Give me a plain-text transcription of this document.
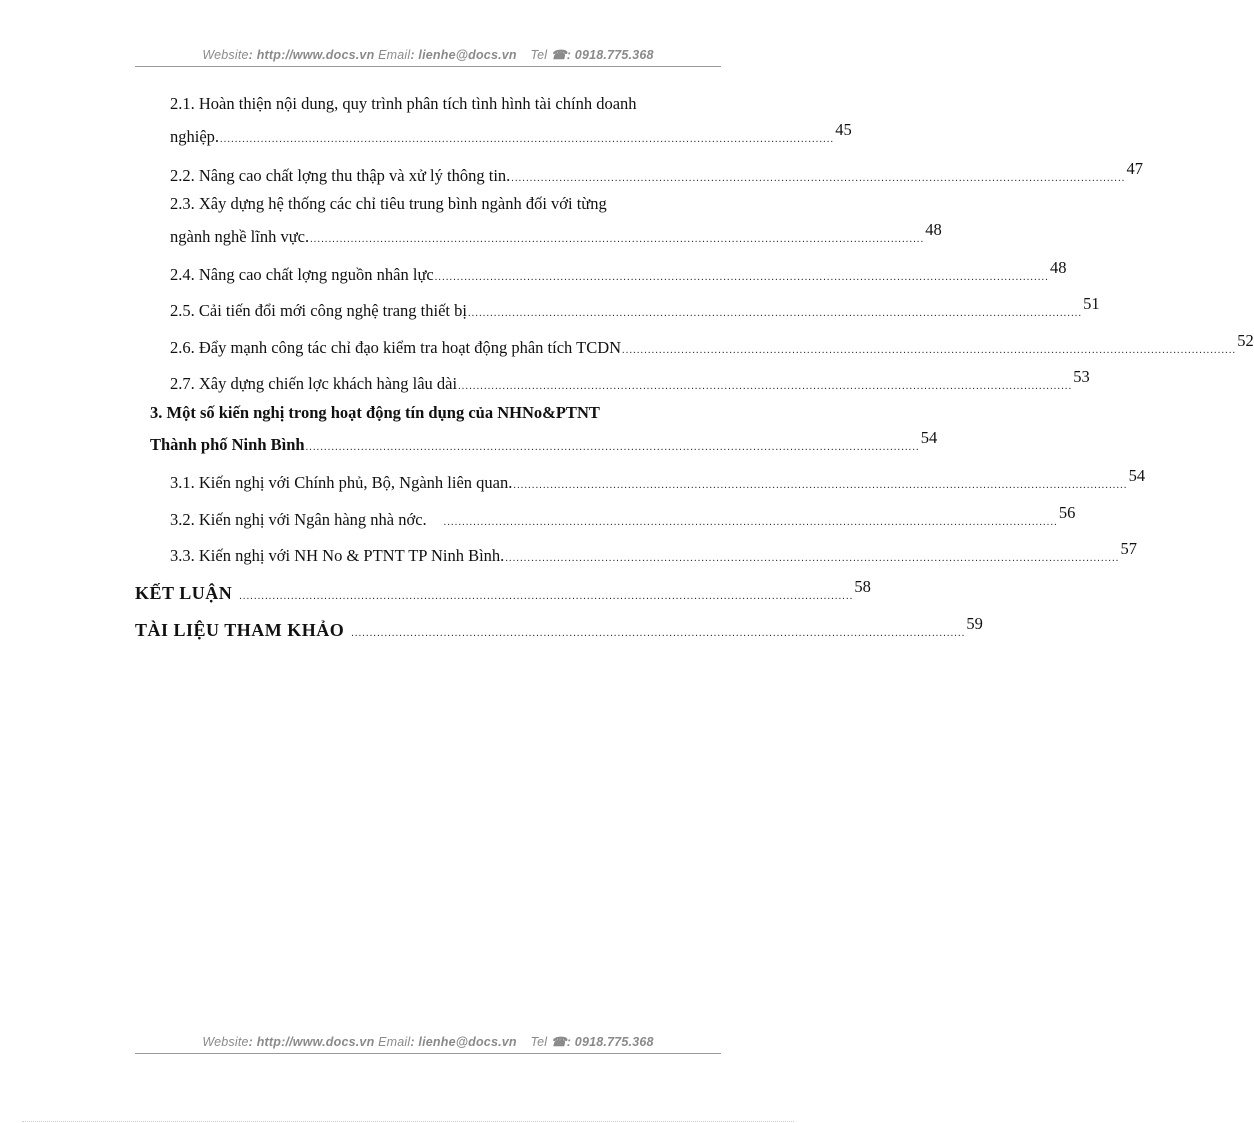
Website: http://www.docs.vn Email: lienhe@docs.vn Tel ☎: 0918.775.368
2.1. Hoàn thiện nội dung, quy trình phân tích tình hình tài chính doanh
nghiệp. ......................................................................................................................................................................
45
2.2. Nâng cao chất lợng thu thập và xử lý thông tin. ......................................................................................................................................................................
47
2.3. Xây dựng hệ thống các chỉ tiêu trung bình ngành đối với từng
ngành nghề lĩnh vực. ......................................................................................................................................................................
48
2.4. Nâng cao chất lợng nguồn nhân lực ......................................................................................................................................................................
48
2.5. Cải tiến đổi mới công nghệ trang thiết bị ......................................................................................................................................................................
51
2.6. Đẩy mạnh công tác chỉ đạo kiểm tra hoạt động phân tích TCDN ......................................................................................................................................................................
52
2.7. Xây dựng chiến lợc khách hàng lâu dài ......................................................................................................................................................................
53
3. Một số kiến nghị trong hoạt động tín dụng của NHNo&PTNT
Thành phố Ninh Bình ......................................................................................................................................................................
54
3.1. Kiến nghị với Chính phủ, Bộ, Ngành liên quan. ......................................................................................................................................................................
54
3.2. Kiến nghị với Ngân hàng nhà nớc. ......................................................................................................................................................................
56
3.3. Kiến nghị với NH No & PTNT TP Ninh Bình. ......................................................................................................................................................................
57
KẾT LUẬN ......................................................................................................................................................................
58
TÀI LIỆU THAM KHẢO ......................................................................................................................................................................
59
Website: http://www.docs.vn Email: lienhe@docs.vn Tel ☎: 0918.775.368
